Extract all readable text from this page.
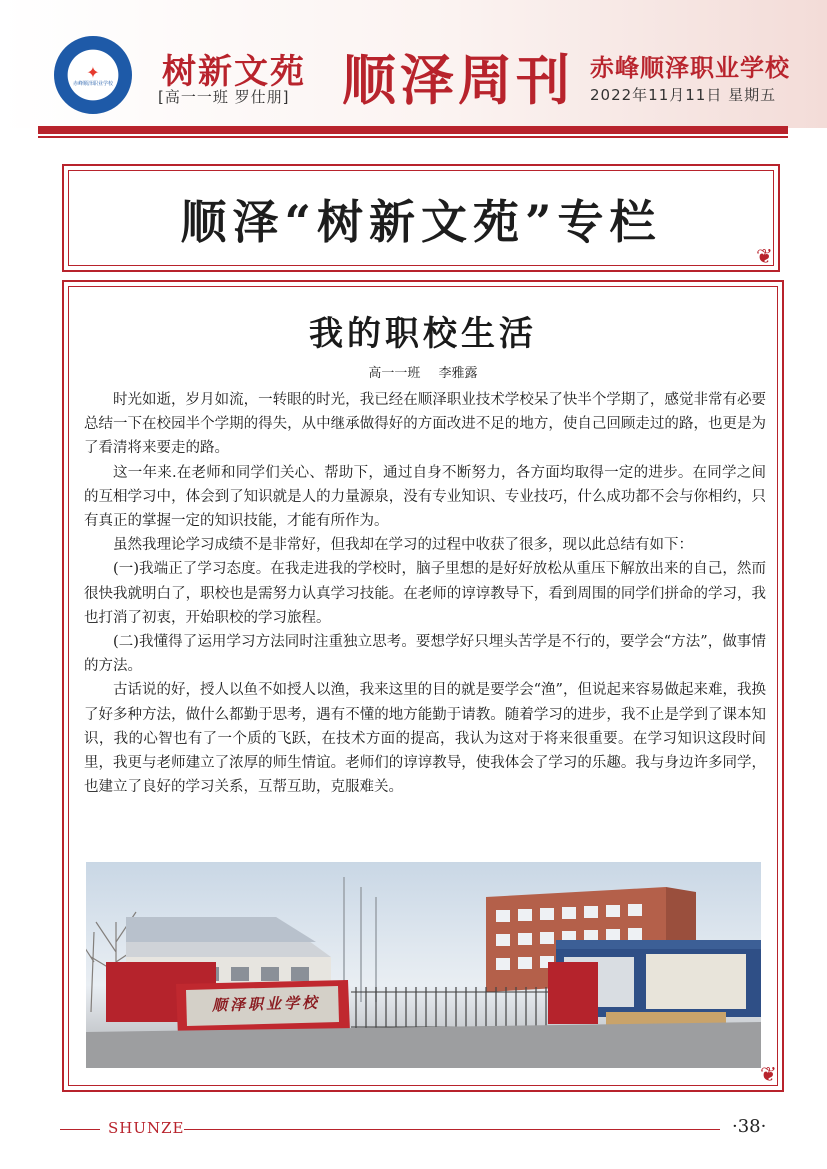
✦
赤峰顺泽职业学校 树新文苑
[高一一班 罗仕朋] 顺泽周刊 赤峰顺泽职业学校
2022年11月11日 星期五
顺泽“树新文苑”专栏
❦
我的职校生活
高一一班 李雅露

时光如逝，岁月如流，一转眼的时光，我已经在顺泽职业技术学校呆了快半个学期了，感觉非常有必要总结一下在校园半个学期的得失，从中继承做得好的方面改进不足的地方，使自己回顾走过的路，也更是为了看清将来要走的路。

这一年来.在老师和同学们关心、帮助下，通过自身不断努力，各方面均取得一定的进步。在同学之间的互相学习中，体会到了知识就是人的力量源泉，没有专业知识、专业技巧，什么成功都不会与你相约，只有真正的掌握一定的知识技能，才能有所作为。

虽然我理论学习成绩不是非常好，但我却在学习的过程中收获了很多，现以此总结有如下：

(一)我端正了学习态度。在我走进我的学校时，脑子里想的是好好放松从重压下解放出来的自己，然而很快我就明白了，职校也是需努力认真学习技能。在老师的谆谆教导下，看到周围的同学们拼命的学习，我也打消了初衷，开始职校的学习旅程。

(二)我懂得了运用学习方法同时注重独立思考。要想学好只埋头苦学是不行的，要学会“方法”，做事情的方法。

古话说的好，授人以鱼不如授人以渔，我来这里的目的就是要学会“渔”，但说起来容易做起来难，我换了好多种方法，做什么都勤于思考，遇有不懂的地方能勤于请教。随着学习的进步，我不止是学到了课本知识，我的心智也有了一个质的飞跃，在技术方面的提高，我认为这对于将来很重要。在学习知识这段时间里，我更与老师建立了浓厚的师生情谊。老师们的谆谆教导，使我体会了学习的乐趣。我与身边许多同学，也建立了良好的学习关系，互帮互助，克服难关。

顺泽职业学校
❦
SHUNZE	·38·
